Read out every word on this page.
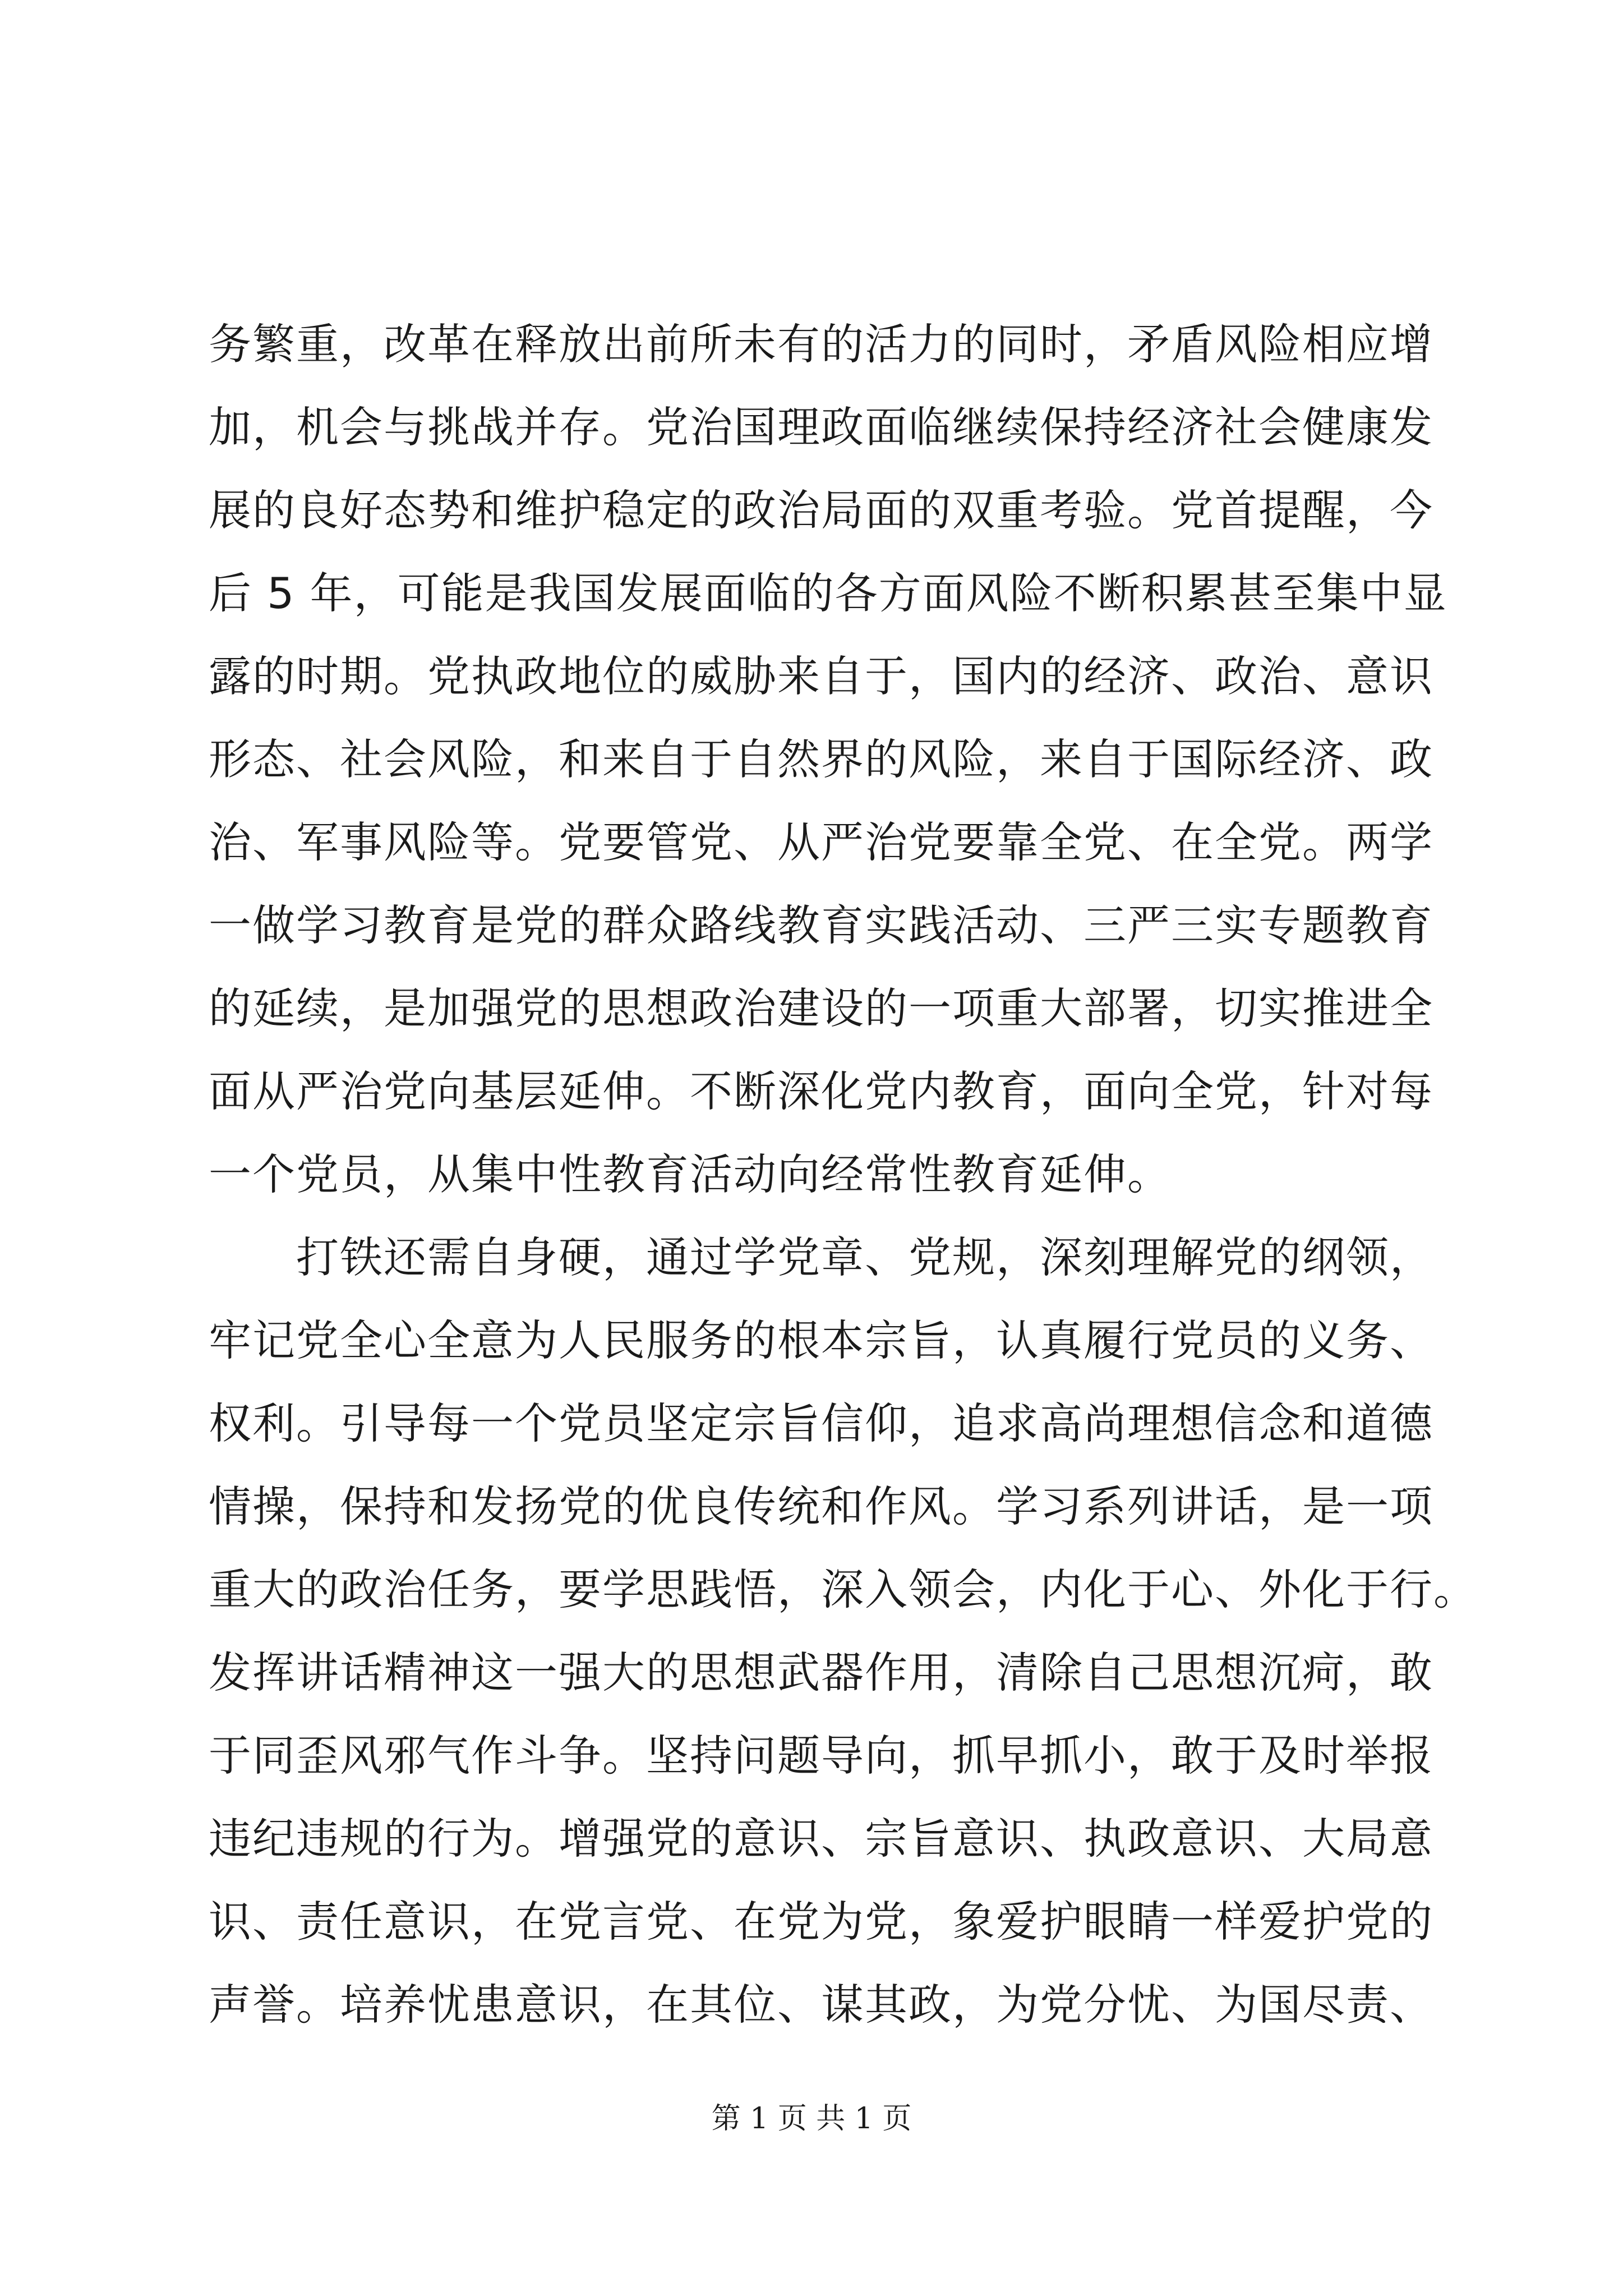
务繁重，改革在释放出前所未有的活力的同时，矛盾风险相应增
加，机会与挑战并存。党治国理政面临继续保持经济社会健康发
展的良好态势和维护稳定的政治局面的双重考验。党首提醒，今
后 5 年，可能是我国发展面临的各方面风险不断积累甚至集中显
露的时期。党执政地位的威胁来自于，国内的经济、政治、意识
形态、社会风险，和来自于自然界的风险，来自于国际经济、政
治、军事风险等。党要管党、从严治党要靠全党、在全党。两学
一做学习教育是党的群众路线教育实践活动、三严三实专题教育
的延续，是加强党的思想政治建设的一项重大部署，切实推进全
面从严治党向基层延伸。不断深化党内教育，面向全党，针对每
一个党员，从集中性教育活动向经常性教育延伸。
打铁还需自身硬，通过学党章、党规，深刻理解党的纲领，
牢记党全心全意为人民服务的根本宗旨，认真履行党员的义务、
权利。引导每一个党员坚定宗旨信仰，追求高尚理想信念和道德
情操，保持和发扬党的优良传统和作风。学习系列讲话，是一项
重大的政治任务，要学思践悟，深入领会，内化于心、外化于行。
发挥讲话精神这一强大的思想武器作用，清除自己思想沉疴，敢
于同歪风邪气作斗争。坚持问题导向，抓早抓小，敢于及时举报
违纪违规的行为。增强党的意识、宗旨意识、执政意识、大局意
识、责任意识，在党言党、在党为党，象爱护眼睛一样爱护党的
声誉。培养忧患意识，在其位、谋其政，为党分忧、为国尽责、
第 1 页 共 1 页
